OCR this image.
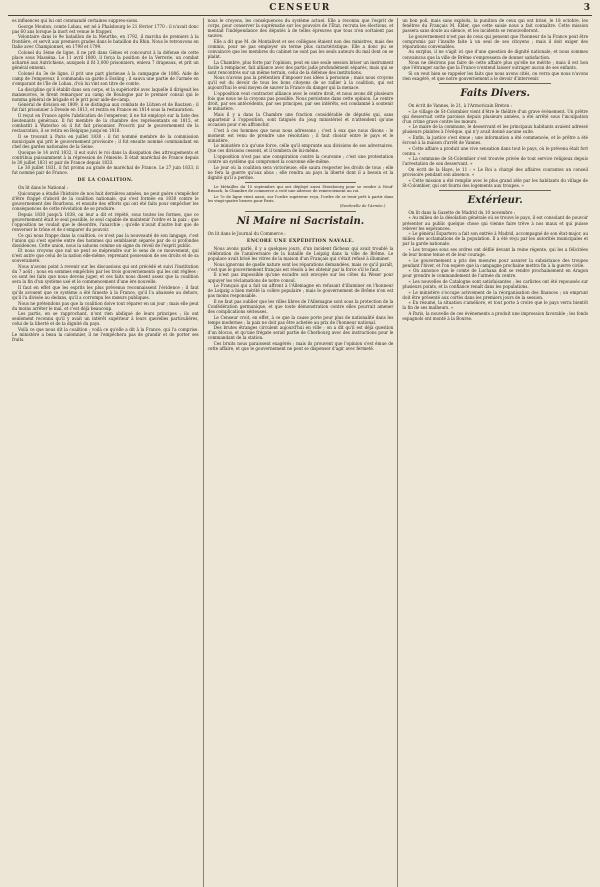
CENSEUR	3

es influences qui lui ont commandé certaines suppres-sions.

George Mouton, comte Lobau, est né à Phalsbourg le 21 février 1770 : il n'avait donc pas 60 ans lorsque la mort est venue le frapper.

Volontaire dans le 9e bataillon de la Meurthe, en 1792, il marcha de premiers à la frontière, et servit aux premiers grades dans le bataillon du Rhin. Nous le retrouvons en Italie avec Championnet, en 1798 et 1799.

Colonel du 3ème de ligne, il ne prit dans Gênes et concourut à la défense de cette place sous Masséna. Le 11 avril 1800, il força la position de la Verrerie, un combat acharné aux Autrichiens, auxquels il fit 3,000 prisonniers, enleva 7 drapeaux, et prit un général ennemi.

Colonel du 3e de ligne, il prit une part glorieuse à la campagne de 1806. Aide de camp de l'empereur, il commanda sa garde à Essling ; il sauva une partie de l'armée en s'emparant de l'île de Lobau, d'où lui vint son titre de comte.

La discipline qu'il établit dans son corps, et la supériorité avec laquelle il dirigeait les manœuvres, le firent remarquer au camp de Boulogne par le premier consul qui le nomma général de brigade et le prit pour aide-de-camp.

Général de division en 1809, il se distingua aux combats de Lützen et de Bautzen ; il fut fait prisonnier à Dresde en 1813, et rentra en France en 1814 sous la restauration.

Il reçut en France après l'abdication de l'empereur, il ne fut employé sur la liste des lieutenants généraux. Il fut membre de la chambre des représentants en 1815, et combattit à Waterloo où il fut fait prisonnier. Proscrit par le gouvernement de la restauration, il se retira en Belgique jusqu'en 1818.

Il se trouvait à Paris en juillet 1830 : il fut nommé membre de la commission municipale qui prit le gouvernement provisoire ; il fut ensuite nommé commandant en chef des gardes nationales de la Seine.

Quoique le 14 avril 1832, il eut suivi le roi dans la dissipation des attroupements et contribua puissamment à la répression de l'émeute. Il était maréchal de France depuis le 30 juillet 1831 et pair de France depuis 1833.

Le 30 juillet 1831, il fut promu au grade de maréchal de France. Le 27 juin 1833, il fut nommé pair de France.

DE LA COALITION.

On lit dans le National :

Quiconque a étudié l'histoire de nos huit dernières années, ne peut guère s'empêcher d'être frappé d'abord de la coalition nationale, qui s'est formée en 1830 contre le gouvernement des Bourbons, et ensuite des efforts qui ont été faits pour empêcher les conséquences de cette révolution de se produire.

Depuis 1830 jusqu'à 1838, on leur a dit et répété, sous toutes les formes, que ce gouvernement était le seul possible, le seul capable de maintenir l'ordre et la paix ; que l'opposition ne voulait que le désordre, l'anarchie ; qu'elle n'avait d'autre but que de renverser le trône et de s'emparer du pouvoir.

Ce qui nous frappe dans la coalition, ce n'est pas la nouveauté de son langage, c'est l'union qui s'est opérée entre des hommes qui semblaient séparés par de si profondes dissidences. Cette union, nous la saluons comme un signe du réveil de l'esprit public.

Et nous croyons que nul ne peut se méprendre sur le sens de ce mouvement, qui n'est autre que celui de la nation elle-même, reprenant possession de ses droits et de sa souveraineté.

Nous n'avons point à revenir sur les discussions qui ont précédé et suivi l'institution du 7 août ; nous en sommes empêchés par les trois gouvernements qui les ont réglées ; ce sont les faits que nous devons juger, et ces faits nous disent assez que la coalition sera la fin d'un système usé et le commencement d'une ère nouvelle.

Il faut en effet que les esprits les plus prévenus reconnaissent l'évidence ; il faut qu'ils avouent que ce système a été funeste à la France, qu'il l'a abaissée au dehors, qu'il l'a divisée au dedans, qu'il a corrompu les mœurs publiques.

Nous ne prétendons pas que la coalition doive tout réparer en un jour ; mais elle peut du moins arrêter le mal, et c'est déjà beaucoup.

Les partis, en se rapprochant, n'ont rien abdiqué de leurs principes ; ils ont seulement reconnu qu'il y avait un intérêt supérieur à leurs querelles particulières, celui de la liberté et de la dignité du pays.

Voilà ce que nous dit la coalition ; voilà ce qu'elle a dit à la France, qui l'a comprise. Le ministère a beau la calomnier, il ne l'empêchera pas de grandir et de porter ses fruits.

nous le croyons, les conséquences du système actuel. Elle a reconnu que l'esprit de corps, pour conserver la suprématie sur les pouvoirs de l'État, recruta les élections, et mentait l'indépendance des députés à de telles épreuves que tous n'en sortaient pas sauves.

Elle a dit que M. de Montalivet et ses collègues étaient non des ministres, mais des commis, pour ne pas employer un terme plus caractéristique. Elle a donc pu se convaincre que les membres du cabinet ne sont pas les seuls auteurs du mal dont on se plaint.

La Chambre, plus forte par l'opinion, peut en une seule session briser un instrument facile à remplacer, fait alliance avec des partis jadis profondément séparés, mais qui se sont rencontrés sur un même terrain, celui de la défense des institutions.

Nous n'avons pas la prétention d'imposer nos idées à personne ; mais nous croyons qu'il est du devoir de tous les bons citoyens de se rallier à la coalition, qui est aujourd'hui le seul moyen de sauver la France du danger qui la menace.

L'opposition veut contracter alliance avec le centre droit, et nous avons dit plusieurs fois que nous ne la croyons pas possible. Nous persistons dans cette opinion. Le centre droit, par ses antécédents, par ses principes, par ses intérêts, est condamné à soutenir le ministère.

Mais il y a dans la Chambre une fraction considérable de députés qui, sans appartenir à l'opposition, sont fatigués du joug ministériel et n'attendent qu'une occasion pour s'en affranchir.

C'est à ces hommes que nous nous adressons ; c'est à eux que nous disons : le moment est venu de prendre une résolution ; il faut choisir entre le pays et le ministère.

Le ministère n'a qu'une force, celle qu'il emprunte aux divisions de ses adversaires. Que ces divisions cessent, et il tombera de lui-même.

L'opposition n'est pas une conspiration contre la couronne ; c'est une protestation contre un système qui compromet la couronne elle-même.

Le jour où la coalition sera victorieuse, elle saura respecter les droits de tous ; elle ne fera la guerre qu'aux abus ; elle rendra au pays la liberté dont il a besoin et la dignité qu'il a perdue.

Le Métailles du 15 septembre qui ont déployé aussi Strasbourg pour se rendre à Neuf-Brisach, la Chambre de commerce a voté une adresse de remerciement au roi.

Le 7e de ligne vient aussi, sur l'ordre supérieur reçu, l'ordre de se tenir prêt à partir dans les vingt-quatre heures pour Paris.

(Sentinelle de l'Armée.)

Ni Maire ni Sacristain.

On lit dans le Journal du Commerce :

ENCORE UNE EXPÉDITION NAVALE.

Nous avons parlé, il y a quelques jours, d'un incident fâcheux qui avait troublé la célébration de l'anniversaire de la bataille de Leipzig dans la ville de Brême. Le populace avait brisé les vitres de la maison d'un Français qui s'était refusé à illuminer.

Nous ignorons de quelle nature sont les réparations demandées, mais ce qu'il paraît, c'est que le gouvernement français est résolu à les obtenir par la force s'il le faut.

Il n'est pas impossible qu'une escadre soit envoyée sur les côtes du Weser pour appuyer les réclamations de notre consul.

Le Français qui a fait un affront à l'Allemagne en refusant d'illuminer en l'honneur de Leipzig a bien mérité la colère populaire ; mais le gouvernement de Brême n'en est pas moins responsable.

Il ne faut pas oublier que les villes libres de l'Allemagne sont sous la protection de la Confédération germanique, et que toute démonstration contre elles pourrait amener des complications sérieuses.

Le Censeur croit, en effet, à ce que la cause porte pour plus de nationalité dans les temps modernes ; la paix ne doit pas être achetée au prix de l'honneur national.

Des brutes étranges circulent aujourd'hui en ville ; on a dit qu'il est déjà question d'un blocus, et qu'une frégate serait partie de Cherbourg avec des instructions pour le commandant de la station.

Ces bruits nous paraissent exagérés ; mais ils prouvent que l'opinion s'est émue de cette affaire, et que le gouvernement ne peut se dispenser d'agir avec fermeté.

un bon poli, mais sans exploits, la punition de ceux qui ont brisé, le 18 octobre, les fenêtres du Français M. Elder, que cette saisie nous a fait connaître. Cette mission passera sans doute au silence, et les incidents se renouvelleront.

Le gouvernement n'est pas de ceux qui pensent que l'honneur de la France peut être compromis par l'insulte faite à un seul de ses citoyens ; mais il doit exiger des réparations convenables.

Au surplus, il ne s'agit ici que d'une question de dignité nationale, et nous sommes convaincus que la ville de Brême s'empressera de donner satisfaction.

Nous ne désirons pas faire de cette affaire plus qu'elle ne mérite ; mais il est bon que l'étranger sache que la France n'entend laisser outrager aucun de ses enfants.

Si on veut bien se rappeler les faits que nous avons cités, on verra que nous n'avons rien exagéré, et que notre gouvernement a le devoir d'intervenir.

Faits Divers.

On écrit de Vannes, le 21, à l'Armoricain Breton :

« Le village de St-Colombier vient d'être le théâtre d'un grave événement. Un prêtre qui desservait cette paroisse depuis plusieurs années, a été arrêté sous l'inculpation d'un crime grave contre les mœurs.

« Le maire de la commune, le desservant et les principaux habitants avaient adressé plusieurs plaintes à l'évêque, qui n'y avait donné aucune suite.

« Enfin, la justice s'est émue ; une information a été commencée, et le prêtre a été écroué à la maison d'arrêt de Vannes.

« Cette affaire a produit une vive sensation dans tout le pays, où le prévenu était fort connu. »

« La commune de St-Colombier s'est trouvée privée de tout service religieux depuis l'arrestation de son desservant. »

On écrit de la Haye, le 11 : « Le Roi a chargé des affaires courantes un conseil provisoire pendant son absence. »

« Cette mission a été remplie avec le plus grand zèle par les habitants du village de St-Colombier, qui ont fourni des logements aux troupes. »

Extérieur.

On lit dans la Gazette de Madrid du 10 novembre :

« Au milieu de la désolation générale où se trouve le pays, il est consolant de pouvoir présenter au public quelque chose qui vienne faire trêve à nos maux et qui puisse relever les espérances.

« Le général Espartero a fait son entrée à Madrid, accompagné de son état-major, au milieu des acclamations de la population. Il a été reçu par les autorités municipales et par la garde nationale.

« Les troupes sous ses ordres ont défilé devant la reine régente, qui les a félicitées de leur bonne tenue et de leur courage.

« Le gouvernement a pris des mesures pour assurer la subsistance des troupes pendant l'hiver, et l'on espère que la campagne prochaine mettra fin à la guerre civile.

« On annonce que le comte de Luchana doit se rendre prochainement en Aragon pour prendre le commandement de l'armée du centre.

« Les nouvelles de Catalogne sont satisfaisantes ; les carlistes ont été repoussés sur plusieurs points, et la confiance renaît dans les populations.

« Le ministère s'occupe activement de la réorganisation des finances ; un emprunt doit être présenté aux cortès dans les premiers jours de la session.

« En résumé, la situation s'améliore, et tout porte à croire que le pays verra bientôt la fin de ses malheurs. »

A Paris, la nouvelle de ces événements a produit une impression favorable ; les fonds espagnols ont monté à la Bourse.
